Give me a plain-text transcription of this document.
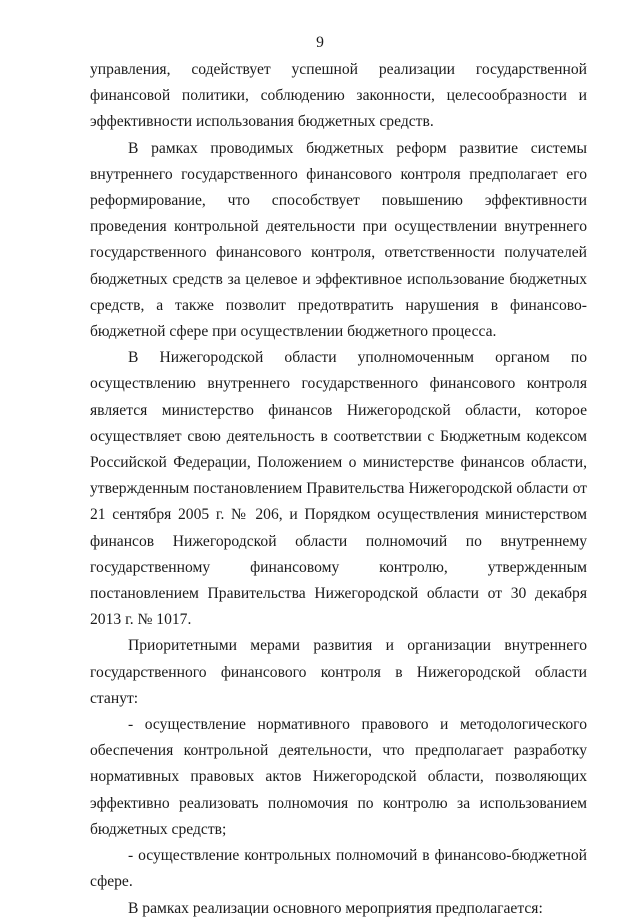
9

управления, содействует успешной реализации государственной финансовой политики, соблюдению законности, целесообразности и эффективности использования бюджетных средств.

В рамках проводимых бюджетных реформ развитие системы внутреннего государственного финансового контроля предполагает его реформирование, что способствует повышению эффективности проведения контрольной деятельности при осуществлении внутреннего государственного финансового контроля, ответственности получателей бюджетных средств за целевое и эффективное использование бюджетных средств, а также позволит предотвратить нарушения в финансово-бюджетной сфере при осуществлении бюджетного процесса.

В Нижегородской области уполномоченным органом по осуществлению внутреннего государственного финансового контроля является министерство финансов Нижегородской области, которое осуществляет свою деятельность в соответствии с Бюджетным кодексом Российской Федерации, Положением о министерстве финансов области, утвержденным постановлением Правительства Нижегородской области от 21 сентября 2005 г. № 206, и Порядком осуществления министерством финансов Нижегородской области полномочий по внутреннему государственному финансовому контролю, утвержденным постановлением Правительства Нижегородской области от 30 декабря 2013 г. № 1017.

Приоритетными мерами развития и организации внутреннего государственного финансового контроля в Нижегородской области станут:

- осуществление нормативного правового и методологического обеспечения контрольной деятельности, что предполагает разработку нормативных правовых актов Нижегородской области, позволяющих эффективно реализовать полномочия по контролю за использованием бюджетных средств;

- осуществление контрольных полномочий в финансово-бюджетной сфере.

В рамках реализации основного мероприятия предполагается:
